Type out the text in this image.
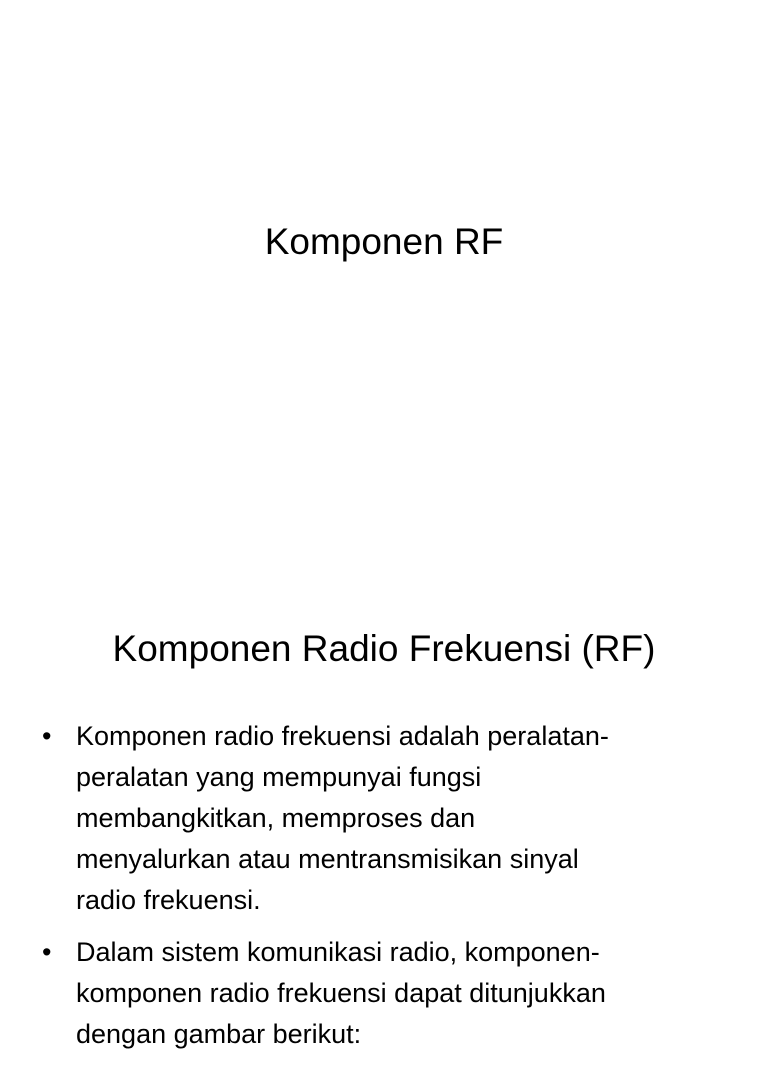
Komponen RF
Komponen Radio Frekuensi (RF)
• Komponen radio frekuensi adalah peralatan-
peralatan yang mempunyai fungsi
membangkitkan, memproses dan
menyalurkan atau mentransmisikan sinyal
radio frekuensi.
• Dalam sistem komunikasi radio, komponen-
komponen radio frekuensi dapat ditunjukkan
dengan gambar berikut:
